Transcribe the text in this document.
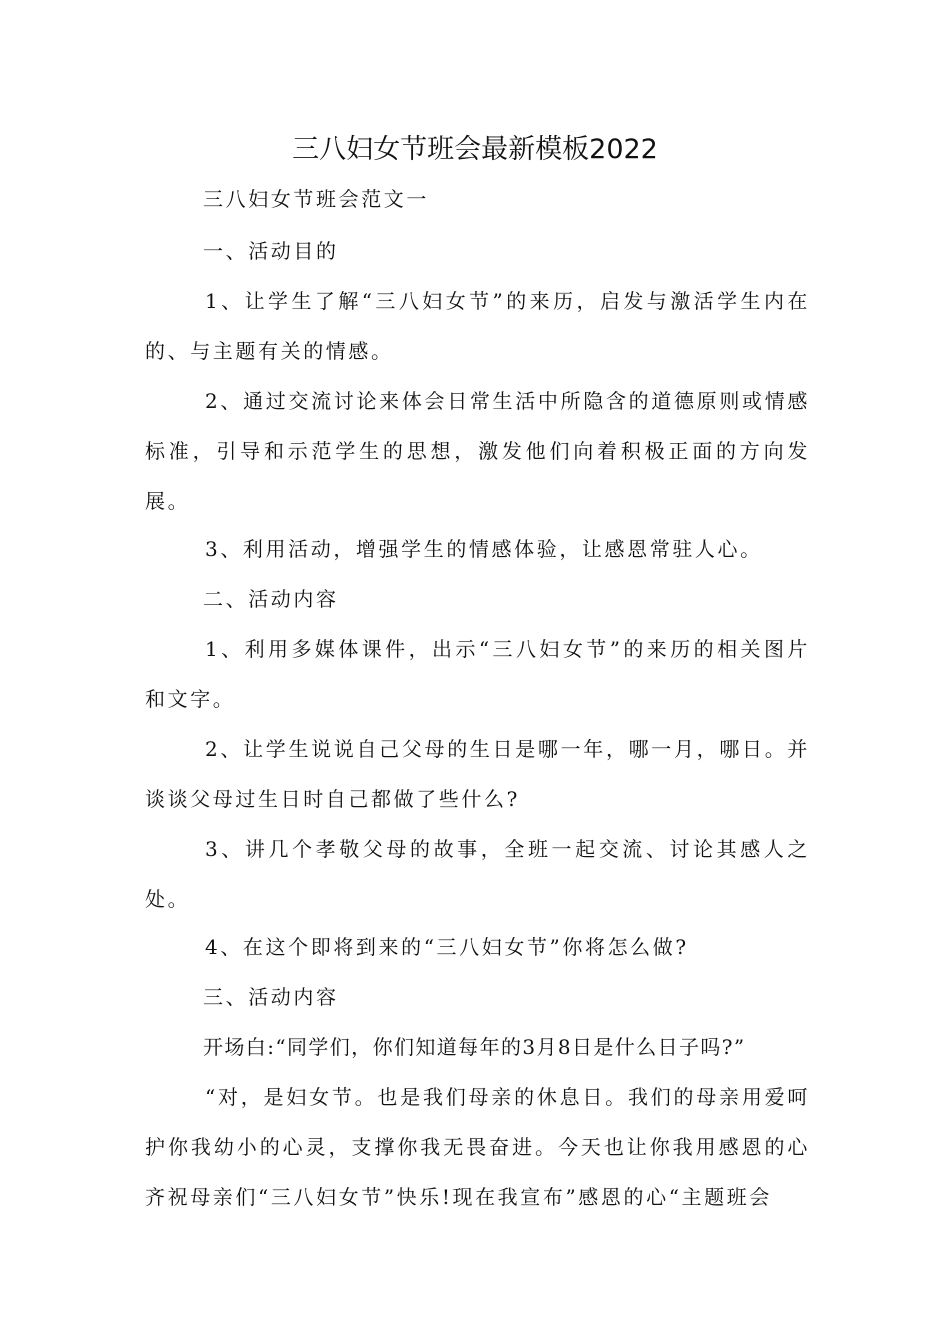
三八妇女节班会最新模板2022
三八妇女节班会范文一
一、活动目的
1、让学生了解“三八妇女节”的来历，启发与激活学生内在的、与主题有关的情感。
2、通过交流讨论来体会日常生活中所隐含的道德原则或情感标准，引导和示范学生的思想，激发他们向着积极正面的方向发展。
3、利用活动，增强学生的情感体验，让感恩常驻人心。
二、活动内容
1、利用多媒体课件，出示“三八妇女节”的来历的相关图片和文字。
2、让学生说说自己父母的生日是哪一年，哪一月，哪日。并谈谈父母过生日时自己都做了些什么?
3、讲几个孝敬父母的故事，全班一起交流、讨论其感人之处。
4、在这个即将到来的“三八妇女节”你将怎么做?
三、活动内容
开场白:“同学们，你们知道每年的3月8日是什么日子吗?”
“对，是妇女节。也是我们母亲的休息日。我们的母亲用爱呵护你我幼小的心灵，支撑你我无畏奋进。今天也让你我用感恩的心齐祝母亲们“三八妇女节”快乐!现在我宣布”感恩的心“主题班会
